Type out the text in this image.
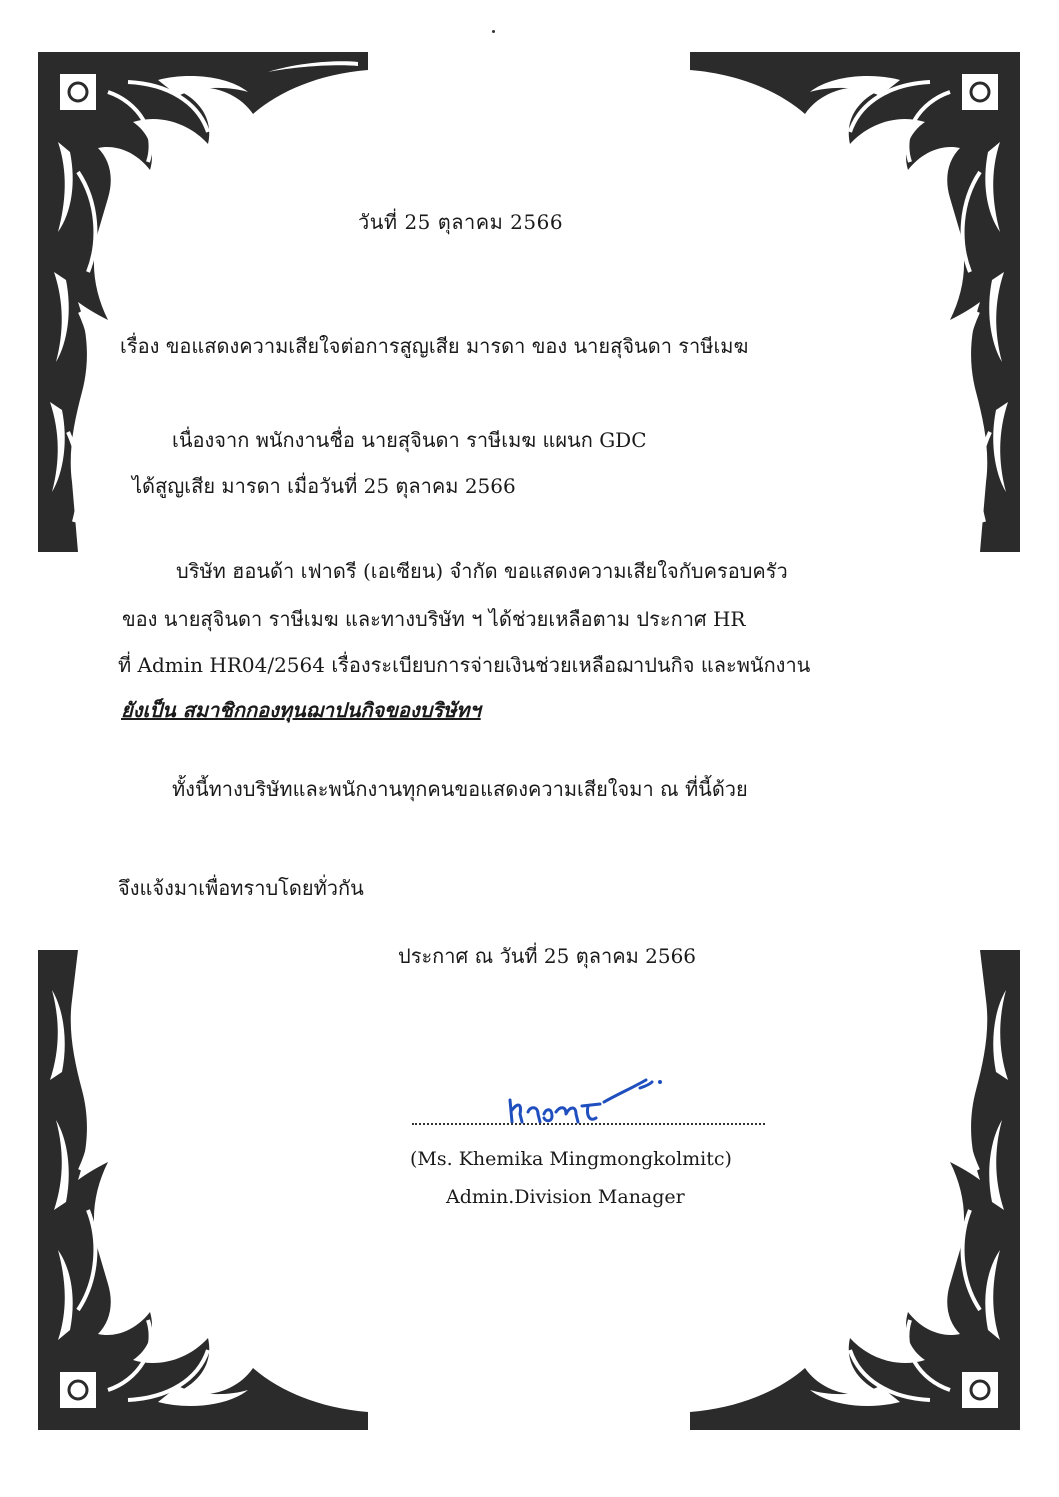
วันที่ 25 ตุลาคม 2566
เรื่อง ขอแสดงความเสียใจต่อการสูญเสีย มารดา ของ นายสุจินดา ราษีเมฆ
เนื่องจาก พนักงานชื่อ นายสุจินดา ราษีเมฆ แผนก GDC
ได้สูญเสีย มารดา เมื่อวันที่ 25 ตุลาคม 2566
บริษัท ฮอนด้า เฟาดรี (เอเซียน) จำกัด ขอแสดงความเสียใจกับครอบครัว
ของ นายสุจินดา ราษีเมฆ และทางบริษัท ฯ ได้ช่วยเหลือตาม ประกาศ HR
ที่ Admin HR04/2564 เรื่องระเบียบการจ่ายเงินช่วยเหลือฌาปนกิจ และพนักงาน
ยังเป็น สมาชิกกองทุนฌาปนกิจของบริษัทฯ
ทั้งนี้ทางบริษัทและพนักงานทุกคนขอแสดงความเสียใจมา ณ ที่นี้ด้วย
จึงแจ้งมาเพื่อทราบโดยทั่วกัน
ประกาศ ณ วันที่ 25 ตุลาคม 2566
(Ms. Khemika Mingmongkolmitc)
Admin.Division Manager
